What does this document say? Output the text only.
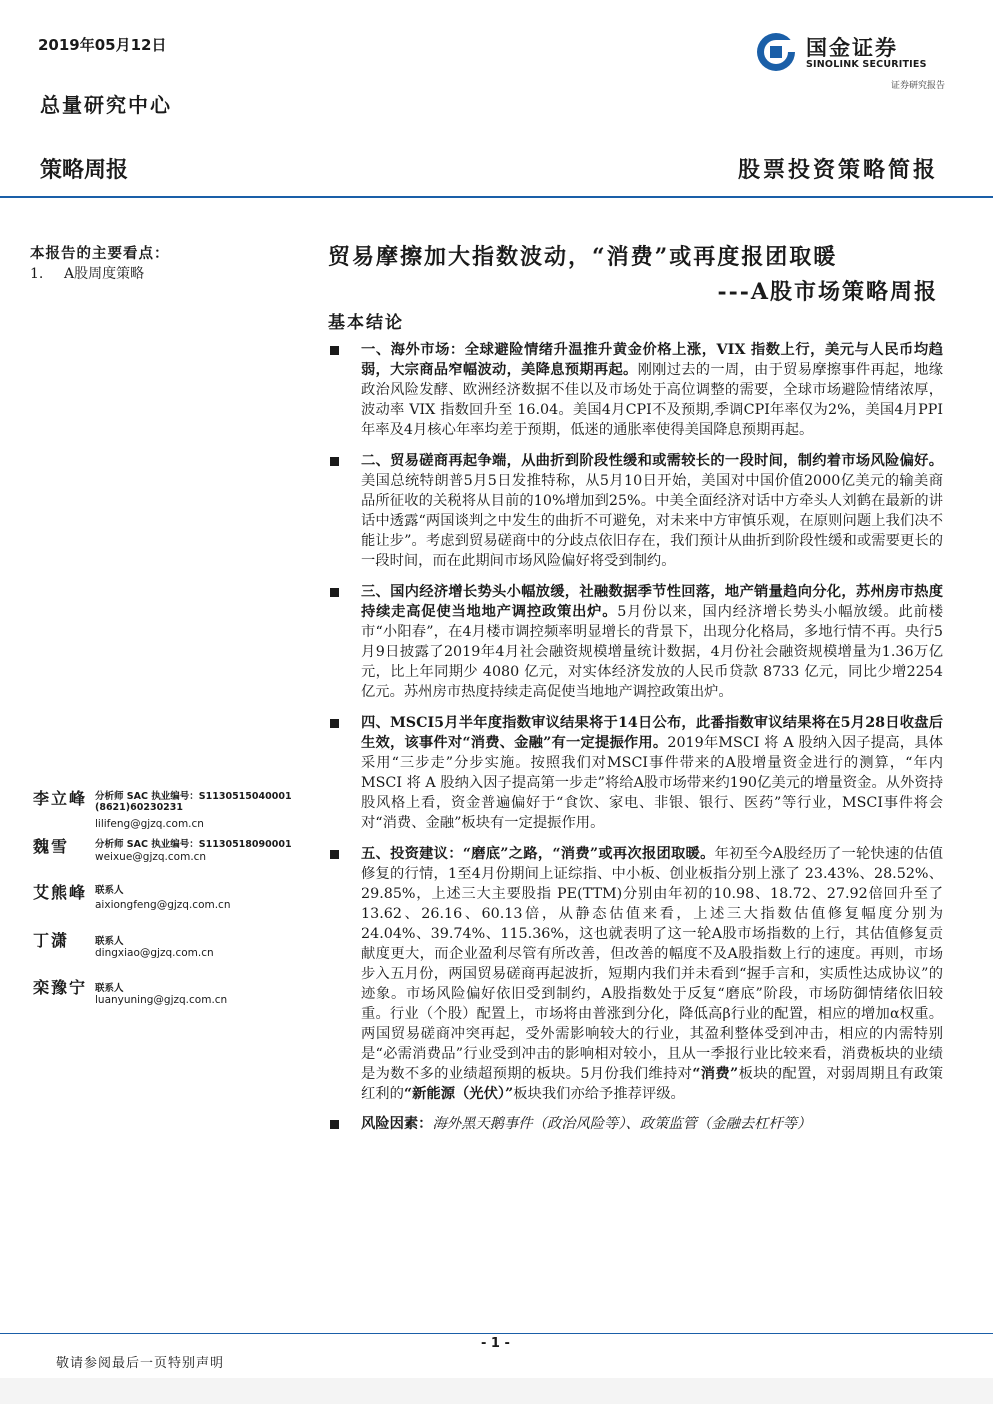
2019年05月12日
总量研究中心
国金证券
SINOLINK SECURITIES
证券研究报告
策略周报	股票投资策略简报
本报告的主要看点：
1. A股周度策略
贸易摩擦加大指数波动，“消费”或再度报团取暖
---A股市场策略周报
基本结论
一、海外市场：全球避险情绪升温推升黄金价格上涨，VIX 指数上行，美元与人民币均趋弱，大宗商品窄幅波动，美降息预期再起。刚刚过去的一周，由于贸易摩擦事件再起，地缘政治风险发酵、欧洲经济数据不佳以及市场处于高位调整的需要，全球市场避险情绪浓厚，波动率 VIX 指数回升至 16.04。美国4月CPI不及预期,季调CPI年率仅为2%，美国4月PPI年率及4月核心年率均差于预期，低迷的通胀率使得美国降息预期再起。
二、贸易磋商再起争端，从曲折到阶段性缓和或需较长的一段时间，制约着市场风险偏好。美国总统特朗普5月5日发推特称，从5月10日开始，美国对中国价值2000亿美元的输美商品所征收的关税将从目前的10%增加到25%。中美全面经济对话中方牵头人刘鹤在最新的讲话中透露“两国谈判之中发生的曲折不可避免，对未来中方审慎乐观，在原则问题上我们决不能让步”。考虑到贸易磋商中的分歧点依旧存在，我们预计从曲折到阶段性缓和或需要更长的一段时间，而在此期间市场风险偏好将受到制约。
三、国内经济增长势头小幅放缓，社融数据季节性回落，地产销量趋向分化，苏州房市热度持续走高促使当地地产调控政策出炉。5月份以来，国内经济增长势头小幅放缓。此前楼市“小阳春”，在4月楼市调控频率明显增长的背景下，出现分化格局，多地行情不再。央行5月9日披露了2019年4月社会融资规模增量统计数据，4月份社会融资规模增量为1.36万亿元，比上年同期少 4080 亿元，对实体经济发放的人民币贷款 8733 亿元，同比少增2254亿元。苏州房市热度持续走高促使当地地产调控政策出炉。
四、MSCI5月半年度指数审议结果将于14日公布，此番指数审议结果将在5月28日收盘后生效，该事件对“消费、金融”有一定提振作用。2019年MSCI 将 A 股纳入因子提高，具体采用“三步走”分步实施。按照我们对MSCI事件带来的A股增量资金进行的测算，“年内 MSCI 将 A 股纳入因子提高第一步走”将给A股市场带来约190亿美元的增量资金。从外资持股风格上看，资金普遍偏好于“食饮、家电、非银、银行、医药”等行业，MSCI事件将会对“消费、金融”板块有一定提振作用。
五、投资建议：“磨底”之路，“消费”或再次报团取暖。年初至今A股经历了一轮快速的估值修复的行情，1至4月份期间上证综指、中小板、创业板指分别上涨了 23.43%、28.52%、29.85%，上述三大主要股指 PE(TTM)分别由年初的10.98、18.72、27.92倍回升至了13.62、26.16、60.13倍，从静态估值来看，上述三大指数估值修复幅度分别为 24.04%、39.74%、115.36%，这也就表明了这一轮A股市场指数的上行，其估值修复贡献度更大，而企业盈利尽管有所改善，但改善的幅度不及A股指数上行的速度。再则，市场步入五月份，两国贸易磋商再起波折，短期内我们并未看到“握手言和，实质性达成协议”的迹象。市场风险偏好依旧受到制约，A股指数处于反复“磨底”阶段，市场防御情绪依旧较重。行业（个股）配置上，市场将由普涨到分化，降低高β行业的配置，相应的增加α权重。两国贸易磋商冲突再起，受外需影响较大的行业，其盈利整体受到冲击，相应的内需特别是“必需消费品”行业受到冲击的影响相对较小，且从一季报行业比较来看，消费板块的业绩是为数不多的业绩超预期的板块。5月份我们维持对“消费”板块的配置，对弱周期且有政策红利的“新能源（光伏）”板块我们亦给予推荐评级。
风险因素：海外黑天鹅事件（政治风险等）、政策监管（金融去杠杆等）
李立峰 分析师 SAC 执业编号：S1130515040001
(8621)60230231
lilifeng@gjzq.com.cn
魏雪	分析师 SAC 执业编号：S1130518090001
weixue@gjzq.com.cn
艾熊峰 联系人
aixiongfeng@gjzq.com.cn
丁潇	联系人
dingxiao@gjzq.com.cn
栾豫宁 联系人
luanyuning@gjzq.com.cn
- 1 -
敬请参阅最后一页特别声明
